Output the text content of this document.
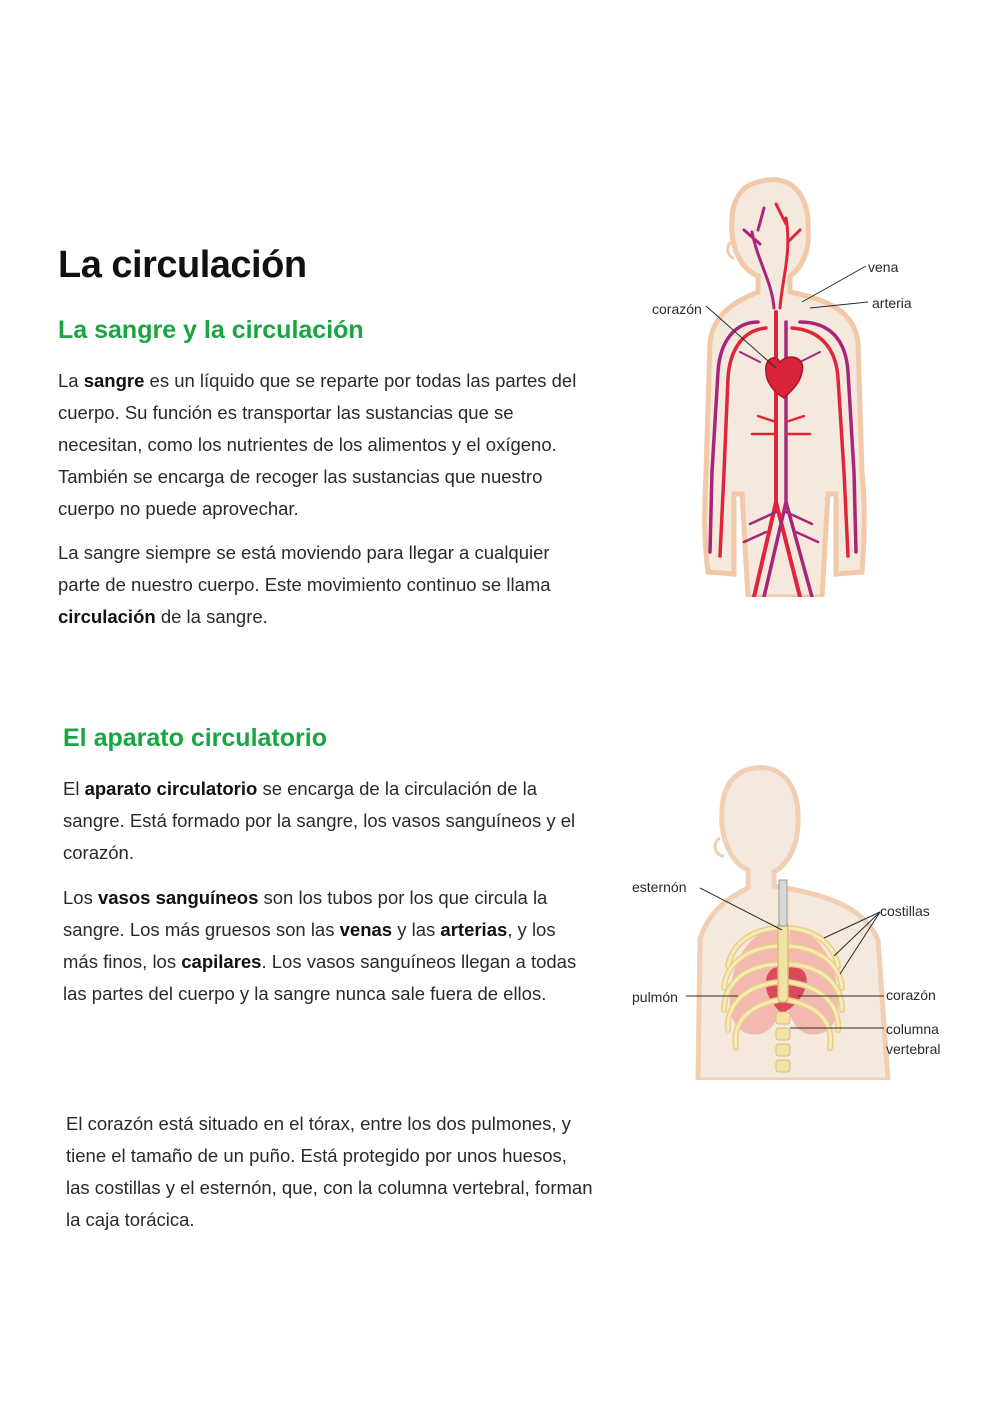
La circulación
La sangre y la circulación

La sangre es un líquido que se reparte por todas las partes del cuerpo. Su función es transportar las sustancias que se necesitan, como los nutrientes de los alimentos y el oxígeno. También se encarga de recoger las sustancias que nuestro cuerpo no puede aprovechar.

La sangre siempre se está moviendo para llegar a cualquier parte de nuestro cuerpo. Este movimiento continuo se llama circulación de la sangre.

vena
arteria
corazón
El aparato circulatorio

El aparato circulatorio se encarga de la circulación de la sangre. Está formado por la sangre, los vasos sanguíneos y el corazón.

Los vasos sanguíneos son los tubos por los que circula la sangre. Los más gruesos son las venas y las arterias, y los más finos, los capilares. Los vasos sanguíneos llegan a todas las partes del cuerpo y la sangre nunca sale fuera de ellos.

esternón
costillas
pulmón	corazón
columna
vertebral

El corazón está situado en el tórax, entre los dos pulmones, y tiene el tamaño de un puño. Está protegido por unos huesos, las costillas y el esternón, que, con la columna vertebral, forman la caja torácica.
